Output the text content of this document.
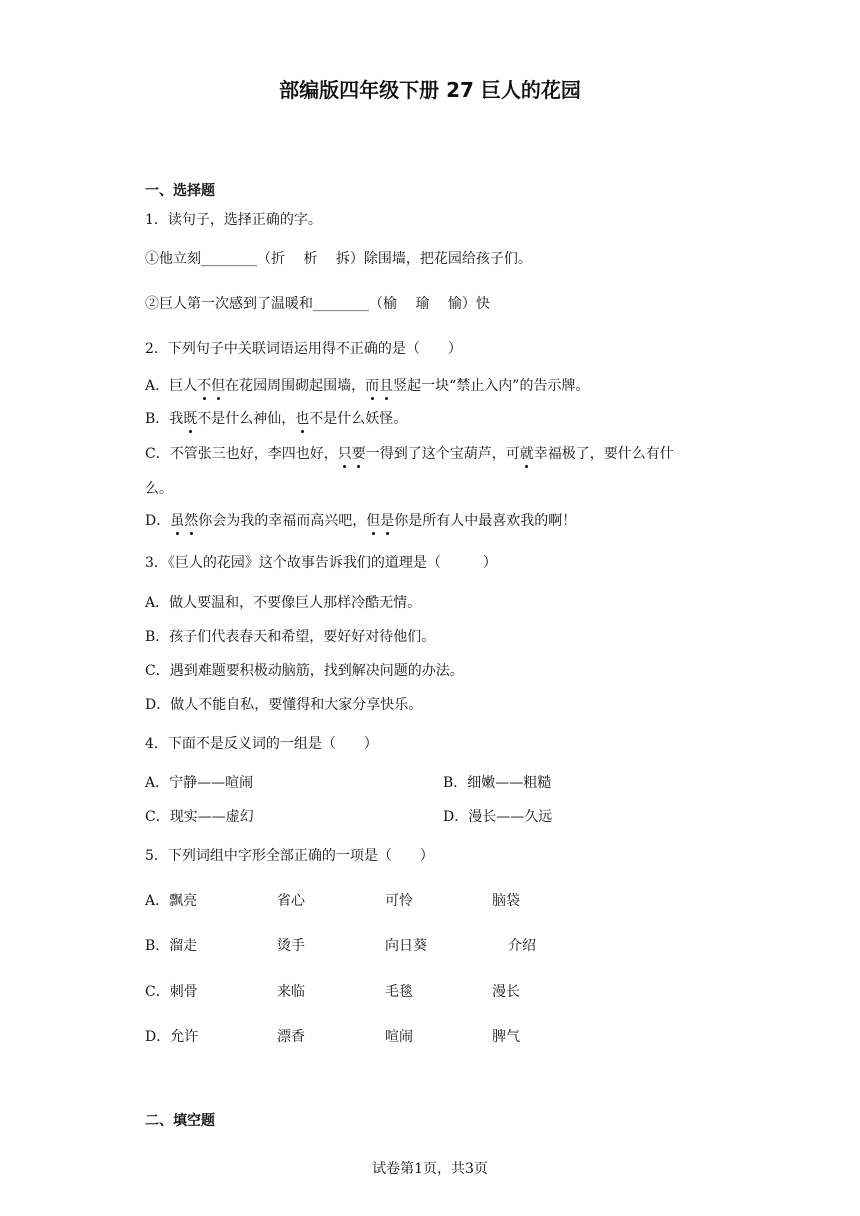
部编版四年级下册 27 巨人的花园
一、选择题
1．读句子，选择正确的字。
①他立刻________（折　 析　 拆）除围墙，把花园给孩子们。
②巨人第一次感到了温暖和________（榆　 瑜　 愉）快
2．下列句子中关联词语运用得不正确的是（　　）
A．巨人不但在花园周围砌起围墙，而且竖起一块“禁止入内”的告示牌。
B．我既不是什么神仙，也不是什么妖怪。
C．不管张三也好，李四也好，只要一得到了这个宝葫芦，可就幸福极了，要什么有什
么。
D．虽然你会为我的幸福而高兴吧，但是你是所有人中最喜欢我的啊！
3．《巨人的花园》这个故事告诉我们的道理是（　　　）
A．做人要温和，不要像巨人那样冷酷无情。
B．孩子们代表春天和希望，要好好对待他们。
C．遇到难题要积极动脑筋，找到解决问题的办法。
D．做人不能自私，要懂得和大家分享快乐。
4．下面不是反义词的一组是（　　）
A．宁静——喧闹	B．细嫩——粗糙
C．现实——虚幻	D．漫长——久远
5．下列词组中字形全部正确的一项是（　　）
A．飘亮	省心	可怜	脑袋
B．溜走	烫手	向日葵	介绍
C．刺骨	来临	毛毯	漫长
D．允许	漂香	喧闹	脾气
二、填空题
试卷第1页，共3页
